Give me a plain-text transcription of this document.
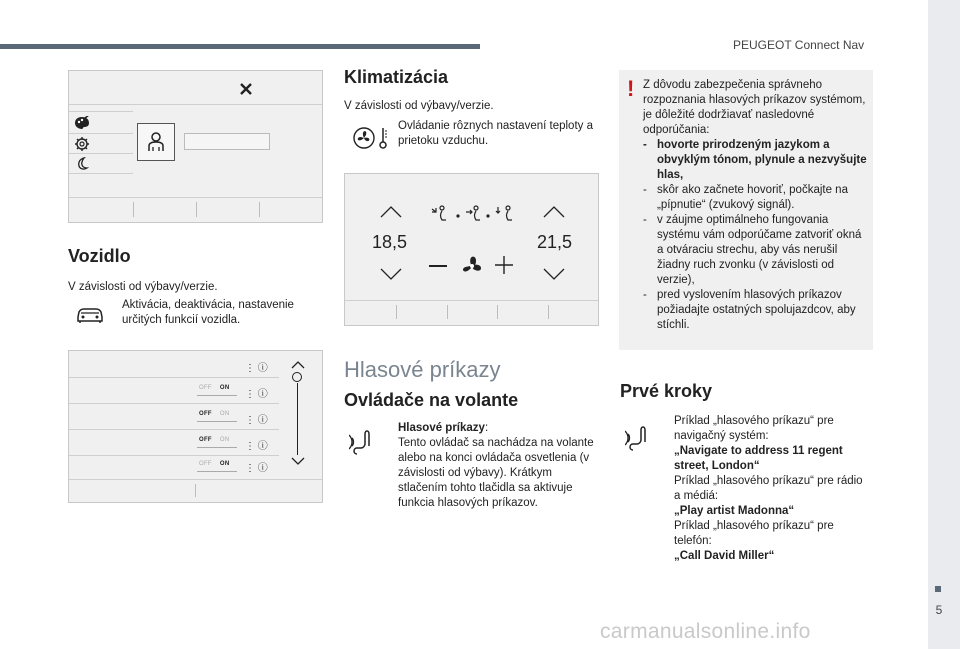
PEUGEOT Connect Nav
5
Vozidlo
V závislosti od výbavy/verzie.
Aktivácia, deaktivácia, nastavenie určitých funkcií vozidla.
⋮ ⓘ
⋮ ⓘ
⋮ ⓘ
⋮ ⓘ
⋮ ⓘ
OFF ON
OFF ON
OFF ON
OFF ON
Klimatizácia
V závislosti od výbavy/verzie.
Ovládanie rôznych nastavení teploty a prietoku vzduchu.
18,5	21,5
Hlasové príkazy
Ovládače na volante
Hlasové príkazy:
Tento ovládač sa nachádza na volante alebo na konci ovládača osvetlenia (v závislosti od výbavy). Krátkym stlačením tohto tlačidla sa aktivuje funkcia hlasových príkazov.
! Z dôvodu zabezpečenia správneho rozpoznania hlasových príkazov systémom, je dôležité dodržiavať nasledovné odporúčania:
- hovorte prirodzeným jazykom a obvyklým tónom, plynule a nezvyšujte hlas,
- skôr ako začnete hovoriť, počkajte na „pípnutie“ (zvukový signál).
- v záujme optimálneho fungovania systému vám odporúčame zatvoriť okná a otváraciu strechu, aby vás nerušil žiadny ruch zvonku (v závislosti od verzie),
- pred vyslovením hlasových príkazov požiadajte ostatných spolujazdcov, aby stíchli.
Prvé kroky
Príklad „hlasového príkazu“ pre navigačný systém:
„Navigate to address 11 regent street, London“
Príklad „hlasového príkazu“ pre rádio a médiá:
„Play artist Madonna“
Príklad „hlasového príkazu“ pre telefón:
„Call David Miller“
carmanualsonline.info
